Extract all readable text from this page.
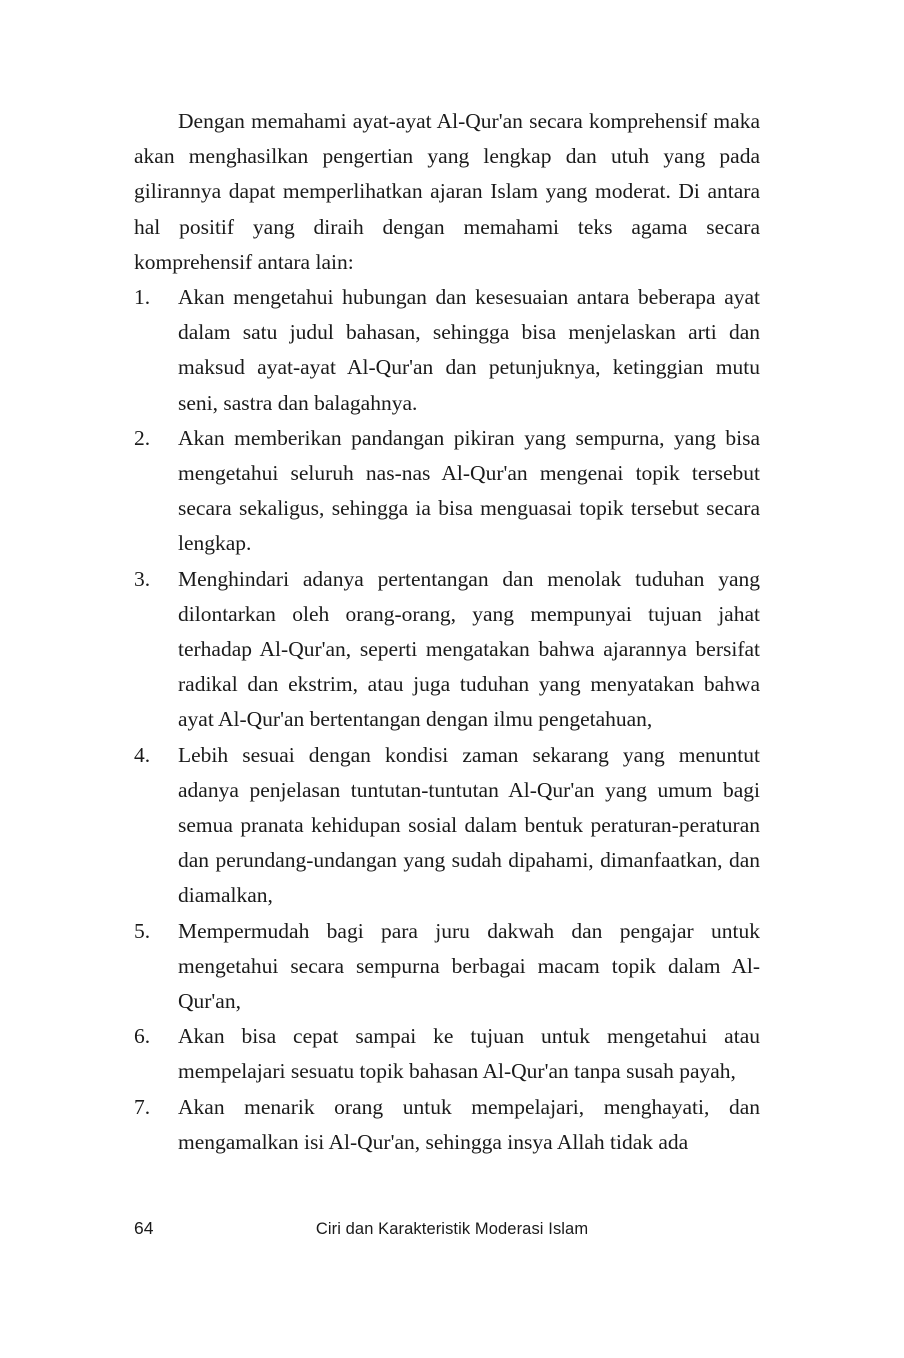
Dengan memahami ayat-ayat Al-Qur'an secara komprehensif maka akan menghasilkan pengertian yang lengkap dan utuh yang pada gilirannya dapat memperlihatkan ajaran Islam yang moderat. Di antara hal positif yang diraih dengan memahami teks agama secara komprehensif antara lain:

1.	Akan mengetahui hubungan dan kesesuaian antara beberapa ayat dalam satu judul bahasan, sehingga bisa menjelaskan arti dan maksud ayat-ayat Al-Qur'an dan petunjuknya, ketinggian mutu seni, sastra dan balagahnya.
2.	Akan memberikan pandangan pikiran yang sempurna, yang bisa mengetahui seluruh nas-nas Al-Qur'an mengenai topik tersebut secara sekaligus, sehingga ia bisa menguasai topik tersebut secara lengkap.
3.	Menghindari adanya pertentangan dan menolak tuduhan yang dilontarkan oleh orang-orang, yang mempunyai tujuan jahat terhadap Al-Qur'an, seperti mengatakan bahwa ajarannya bersifat radikal dan ekstrim, atau juga tuduhan yang menyatakan bahwa ayat Al-Qur'an bertentangan dengan ilmu pengetahuan,
4.	Lebih sesuai dengan kondisi zaman sekarang yang menuntut adanya penjelasan tuntutan-tuntutan Al-Qur'an yang umum bagi semua pranata kehidupan sosial dalam bentuk peraturan-peraturan dan perundang-undangan yang sudah dipahami, dimanfaatkan, dan diamalkan,
5.	Mempermudah bagi para juru dakwah dan pengajar untuk mengetahui secara sempurna berbagai macam topik dalam Al-Qur'an,
6.	Akan bisa cepat sampai ke tujuan untuk mengetahui atau mempelajari sesuatu topik bahasan Al-Qur'an tanpa susah payah,
7.	Akan menarik orang untuk mempelajari, menghayati, dan mengamalkan isi Al-Qur'an, sehingga insya Allah tidak ada
64	Ciri dan Karakteristik Moderasi Islam
